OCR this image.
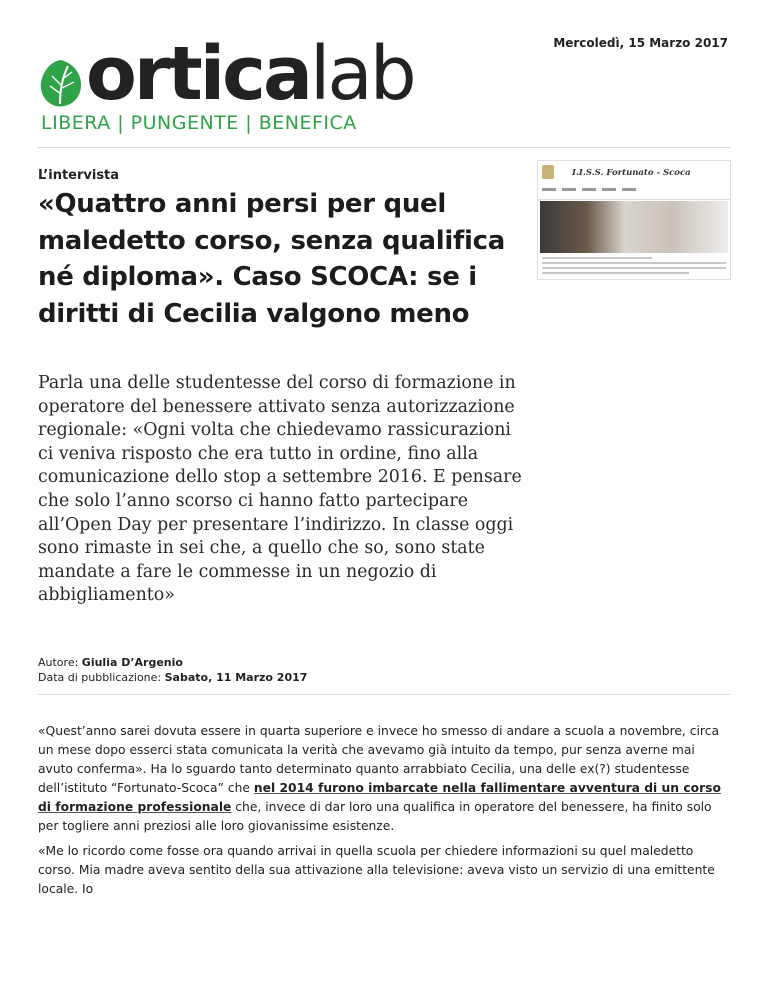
Mercoledì, 15 Marzo 2017
ortica lab
LIBERA | PUNGENTE | BENEFICA
L’intervista
«Quattro anni persi per quel maledetto corso, senza qualifica né diploma». Caso SCOCA: se i diritti di Cecilia valgono meno

Parla una delle studentesse del corso di formazione in operatore del benessere attivato senza autorizzazione regionale: «Ogni volta che chiedevamo rassicurazioni ci veniva risposto che era tutto in ordine, fino alla comunicazione dello stop a settembre 2016. E pensare che solo l’anno scorso ci hanno fatto partecipare all’Open Day per presentare l’indirizzo. In classe oggi sono rimaste in sei che, a quello che so, sono state mandate a fare le commesse in un negozio di abbigliamento»

I.I.S.S. Fortunato - Scoca
Autore: Giulia D’Argenio
Data di pubblicazione: Sabato, 11 Marzo 2017

«Quest’anno sarei dovuta essere in quarta superiore e invece ho smesso di andare a scuola a novembre, circa un mese dopo esserci stata comunicata la verità che avevamo già intuito da tempo, pur senza averne mai avuto conferma». Ha lo sguardo tanto determinato quanto arrabbiato Cecilia, una delle ex(?) studentesse dell’istituto “Fortunato-Scoca” che nel 2014 furono imbarcate nella fallimentare avventura di un corso di formazione professionale che, invece di dar loro una qualifica in operatore del benessere, ha finito solo per togliere anni preziosi alle loro giovanissime esistenze.

«Me lo ricordo come fosse ora quando arrivai in quella scuola per chiedere informazioni su quel maledetto corso. Mia madre aveva sentito della sua attivazione alla televisione: aveva visto un servizio di una emittente locale. Io
